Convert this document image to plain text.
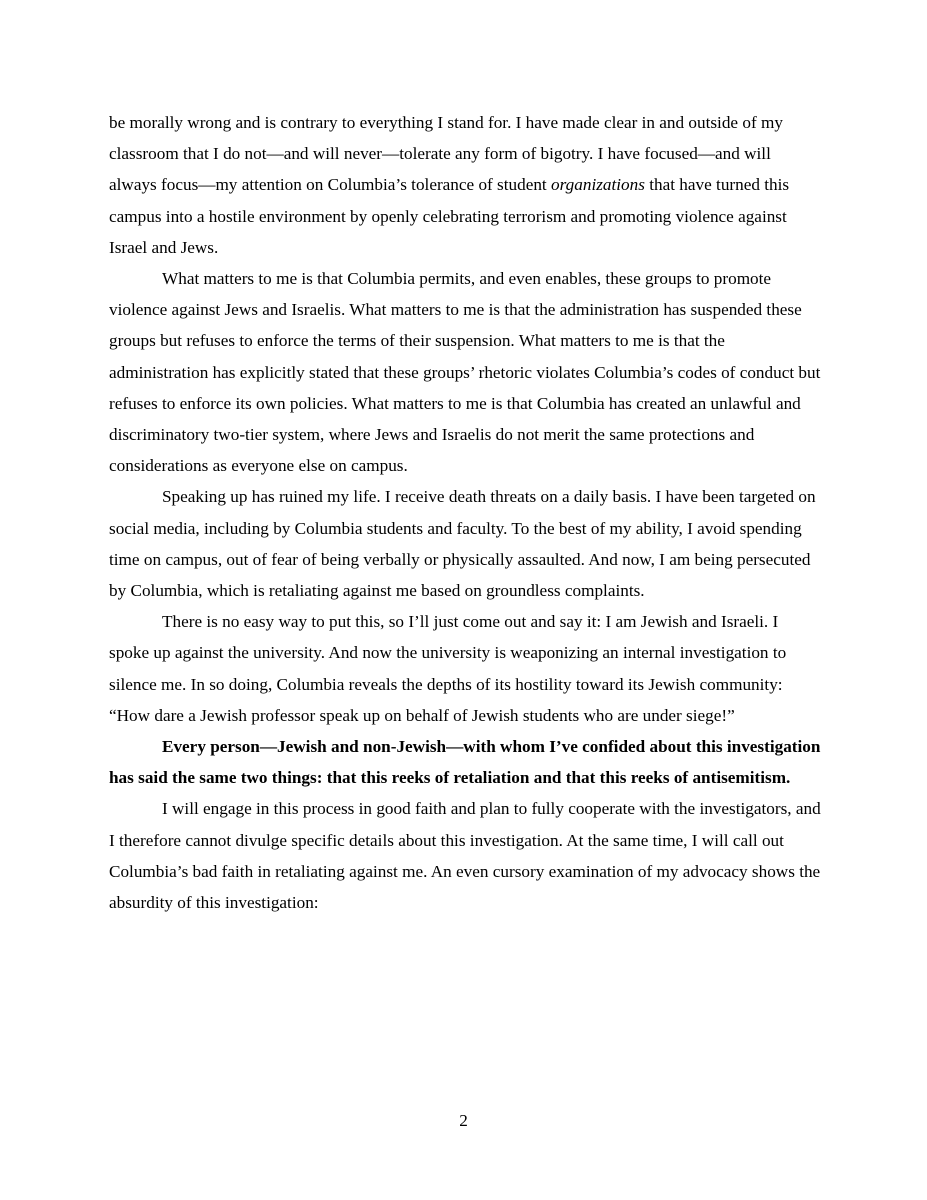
be morally wrong and is contrary to everything I stand for. I have made clear in and outside of my classroom that I do not—and will never—tolerate any form of bigotry. I have focused—and will always focus—my attention on Columbia’s tolerance of student organizations that have turned this campus into a hostile environment by openly celebrating terrorism and promoting violence against Israel and Jews.

What matters to me is that Columbia permits, and even enables, these groups to promote violence against Jews and Israelis. What matters to me is that the administration has suspended these groups but refuses to enforce the terms of their suspension. What matters to me is that the administration has explicitly stated that these groups’ rhetoric violates Columbia’s codes of conduct but refuses to enforce its own policies. What matters to me is that Columbia has created an unlawful and discriminatory two-tier system, where Jews and Israelis do not merit the same protections and considerations as everyone else on campus.

Speaking up has ruined my life. I receive death threats on a daily basis. I have been targeted on social media, including by Columbia students and faculty. To the best of my ability, I avoid spending time on campus, out of fear of being verbally or physically assaulted. And now, I am being persecuted by Columbia, which is retaliating against me based on groundless complaints.

There is no easy way to put this, so I’ll just come out and say it: I am Jewish and Israeli. I spoke up against the university. And now the university is weaponizing an internal investigation to silence me. In so doing, Columbia reveals the depths of its hostility toward its Jewish community: “How dare a Jewish professor speak up on behalf of Jewish students who are under siege!”

Every person—Jewish and non-Jewish—with whom I’ve confided about this investigation has said the same two things: that this reeks of retaliation and that this reeks of antisemitism.

I will engage in this process in good faith and plan to fully cooperate with the investigators, and I therefore cannot divulge specific details about this investigation. At the same time, I will call out Columbia’s bad faith in retaliating against me. An even cursory examination of my advocacy shows the absurdity of this investigation:

2
